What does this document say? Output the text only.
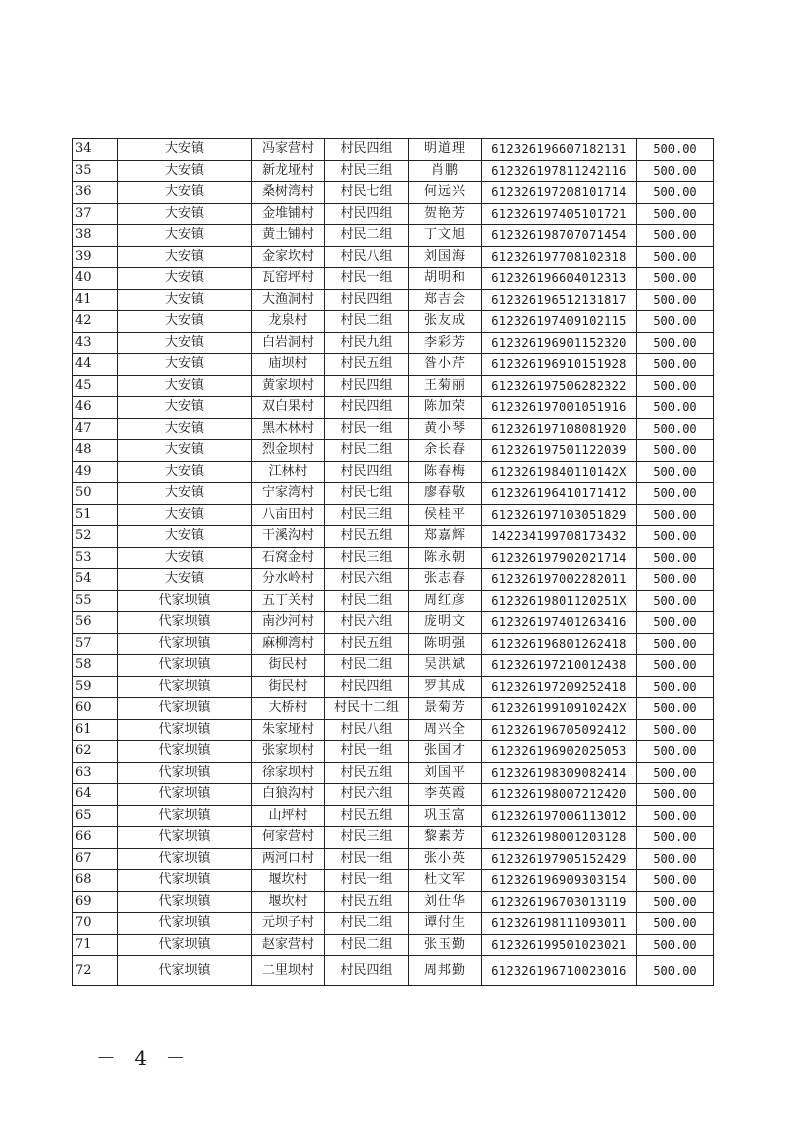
34	大安镇	冯家营村	村民四组	明道理	612326196607182131	500.00
35	大安镇	新龙垭村	村民三组	肖鹏	612326197811242116	500.00
36	大安镇	桑树湾村	村民七组	何远兴	612326197208101714	500.00
37	大安镇	金堆铺村	村民四组	贺艳芳	612326197405101721	500.00
38	大安镇	黄土铺村	村民二组	丁文旭	612326198707071454	500.00
39	大安镇	金家坎村	村民八组	刘国海	612326197708102318	500.00
40	大安镇	瓦窑坪村	村民一组	胡明和	612326196604012313	500.00
41	大安镇	大渔洞村	村民四组	郑吉会	612326196512131817	500.00
42	大安镇	龙泉村	村民二组	张友成	612326197409102115	500.00
43	大安镇	白岩洞村	村民九组	李彩芳	612326196901152320	500.00
44	大安镇	庙坝村	村民五组	昝小芹	612326196910151928	500.00
45	大安镇	黄家坝村	村民四组	王菊丽	612326197506282322	500.00
46	大安镇	双白果村	村民四组	陈加荣	612326197001051916	500.00
47	大安镇	黑木林村	村民一组	黄小琴	612326197108081920	500.00
48	大安镇	烈金坝村	村民二组	余长春	612326197501122039	500.00
49	大安镇	江林村	村民四组	陈春梅	61232619840110142X	500.00
50	大安镇	宁家湾村	村民七组	廖春敬	612326196410171412	500.00
51	大安镇	八亩田村	村民三组	侯桂平	612326197103051829	500.00
52	大安镇	干溪沟村	村民五组	郑嘉辉	142234199708173432	500.00
53	大安镇	石窝金村	村民三组	陈永朝	612326197902021714	500.00
54	大安镇	分水岭村	村民六组	张志春	612326197002282011	500.00
55	代家坝镇	五丁关村	村民二组	周红彦	61232619801120251X	500.00
56	代家坝镇	南沙河村	村民六组	庞明文	612326197401263416	500.00
57	代家坝镇	麻柳湾村	村民五组	陈明强	612326196801262418	500.00
58	代家坝镇	街民村	村民二组	吴洪斌	612326197210012438	500.00
59	代家坝镇	街民村	村民四组	罗其成	612326197209252418	500.00
60	代家坝镇	大桥村	村民十二组	景菊芳	61232619910910242X	500.00
61	代家坝镇	朱家垭村	村民八组	周兴全	612326196705092412	500.00
62	代家坝镇	张家坝村	村民一组	张国才	612326196902025053	500.00
63	代家坝镇	徐家坝村	村民五组	刘国平	612326198309082414	500.00
64	代家坝镇	白狼沟村	村民六组	李英霞	612326198007212420	500.00
65	代家坝镇	山坪村	村民五组	巩玉富	612326197006113012	500.00
66	代家坝镇	何家营村	村民三组	黎素芳	612326198001203128	500.00
67	代家坝镇	两河口村	村民一组	张小英	612326197905152429	500.00
68	代家坝镇	堰坎村	村民一组	杜文军	612326196909303154	500.00
69	代家坝镇	堰坎村	村民五组	刘仕华	612326196703013119	500.00
70	代家坝镇	元坝子村	村民二组	谭付生	612326198111093011	500.00
71	代家坝镇	赵家营村	村民二组	张玉勤	612326199501023021	500.00
72	代家坝镇	二里坝村	村民四组	周邦勤	612326196710023016	500.00
－ 4 －
